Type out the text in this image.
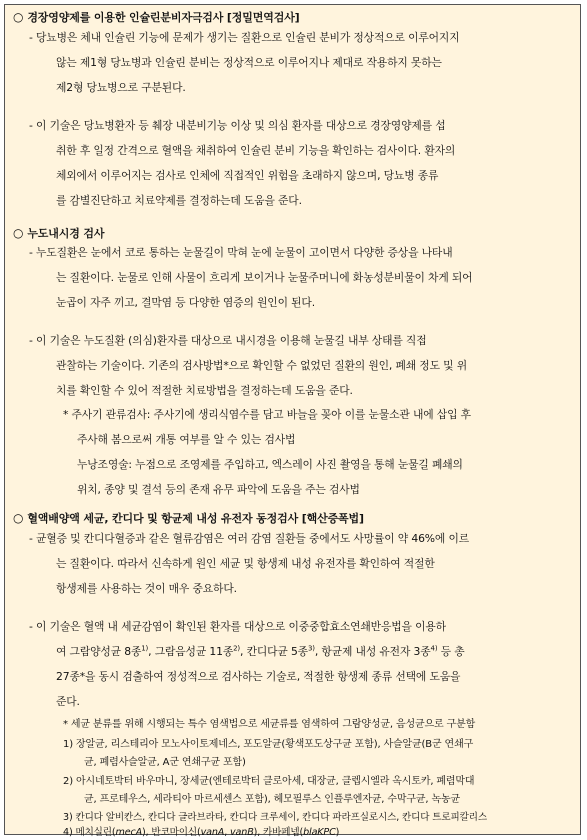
○ 경장영양제를 이용한 인슐린분비자극검사 [정밀면역검사]
- 당뇨병은 체내 인슐린 기능에 문제가 생기는 질환으로 인슐린 분비가 정상적으로 이루어지지
않는 제1형 당뇨병과 인슐린 분비는 정상적으로 이루어지나 제대로 작용하지 못하는
제2형 당뇨병으로 구분된다.
- 이 기술은 당뇨병환자 등 췌장 내분비기능 이상 및 의심 환자를 대상으로 경장영양제를 섭
취한 후 일정 간격으로 혈액을 채취하여 인슐린 분비 기능을 확인하는 검사이다. 환자의
체외에서 이루어지는 검사로 인체에 직접적인 위험을 초래하지 않으며, 당뇨병 종류
를 감별진단하고 치료약제를 결정하는데 도움을 준다.
○ 누도내시경 검사
- 누도질환은 눈에서 코로 통하는 눈물길이 막혀 눈에 눈물이 고이면서 다양한 증상을 나타내
는 질환이다. 눈물로 인해 사물이 흐리게 보이거나 눈물주머니에 화농성분비물이 차게 되어
눈곱이 자주 끼고, 결막염 등 다양한 염증의 원인이 된다.
- 이 기술은 누도질환 (의심)환자를 대상으로 내시경을 이용해 눈물길 내부 상태를 직접
관찰하는 기술이다. 기존의 검사방법*으로 확인할 수 없었던 질환의 원인, 폐쇄 정도 및 위
치를 확인할 수 있어 적절한 치료방법을 결정하는데 도움을 준다.
* 주사기 관류검사: 주사기에 생리식염수를 담고 바늘을 꽂아 이를 눈물소관 내에 삽입 후
주사해 봄으로써 개통 여부를 알 수 있는 검사법
누낭조영술: 누점으로 조영제를 주입하고, 엑스레이 사진 촬영을 통해 눈물길 폐쇄의
위치, 종양 및 결석 등의 존재 유무 파악에 도움을 주는 검사법
○ 혈액배양액 세균, 칸디다 및 항균제 내성 유전자 동정검사 [핵산증폭법]
- 균혈증 및 칸디다혈증과 같은 혈류감염은 여러 감염 질환들 중에서도 사망률이 약 46%에 이르
는 질환이다. 따라서 신속하게 원인 세균 및 항생제 내성 유전자를 확인하여 적절한
항생제를 사용하는 것이 매우 중요하다.
- 이 기술은 혈액 내 세균감염이 확인된 환자를 대상으로 이중중합효소연쇄반응법을 이용하
여 그람양성균 8종$^{1)}$, 그람음성균 11종$^{2)}$, 칸디다균 5종$^{3)}$, 항균제 내성 유전자 3종$^{4)}$ 등 총
27종*을 동시 검출하여 정성적으로 검사하는 기술로, 적절한 항생제 종류 선택에 도움을
준다.
* 세균 분류를 위해 시행되는 특수 염색법으로 세균류를 염색하여 그람양성균, 음성균으로 구분함
1) 장알균, 리스테리아 모노사이토제네스, 포도알균(황색포도상구균 포함), 사슬알균(B군 연쇄구
균, 폐렴사슬알균, A군 연쇄구균 포함)
2) 아시네토박터 바우마니, 장세균(엔테로박터 클로아세, 대장균, 클렙시엘라 옥시토카, 폐렴막대
균, 프로테우스, 세라티아 마르세센스 포함), 헤모필루스 인플루엔자균, 수막구균, 녹농균
3) 칸디다 알비칸스, 칸디다 글라브라타, 칸디다 크루세이, 칸디다 파라프실로시스, 칸디다 트로피칼리스
4) 메치실린(mecA), 반코마이신(vanA, vanB), 카바페넴(blaKPC)
